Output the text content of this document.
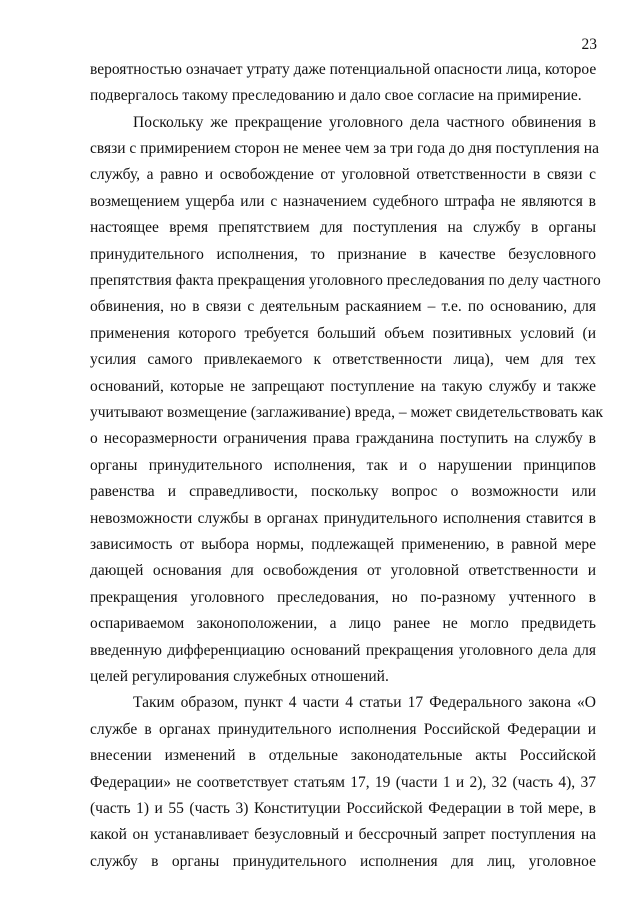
23
вероятностью означает утрату даже потенциальной опасности лица, которое
подвергалось такому преследованию и дало свое согласие на примирение.
Поскольку же прекращение уголовного дела частного обвинения в
связи с примирением сторон не менее чем за три года до дня поступления на
службу, а равно и освобождение от уголовной ответственности в связи с
возмещением ущерба или с назначением судебного штрафа не являются в
настоящее время препятствием для поступления на службу в органы
принудительного исполнения, то признание в качестве безусловного
препятствия факта прекращения уголовного преследования по делу частного
обвинения, но в связи с деятельным раскаянием – т.е. по основанию, для
применения которого требуется больший объем позитивных условий (и
усилия самого привлекаемого к ответственности лица), чем для тех
оснований, которые не запрещают поступление на такую службу и также
учитывают возмещение (заглаживание) вреда, – может свидетельствовать как
о несоразмерности ограничения права гражданина поступить на службу в
органы принудительного исполнения, так и о нарушении принципов
равенства и справедливости, поскольку вопрос о возможности или
невозможности службы в органах принудительного исполнения ставится в
зависимость от выбора нормы, подлежащей применению, в равной мере
дающей основания для освобождения от уголовной ответственности и
прекращения уголовного преследования, но по-разному учтенного в
оспариваемом законоположении, а лицо ранее не могло предвидеть
введенную дифференциацию оснований прекращения уголовного дела для
целей регулирования служебных отношений.
Таким образом, пункт 4 части 4 статьи 17 Федерального закона «О
службе в органах принудительного исполнения Российской Федерации и
внесении изменений в отдельные законодательные акты Российской
Федерации» не соответствует статьям 17, 19 (части 1 и 2), 32 (часть 4), 37
(часть 1) и 55 (часть 3) Конституции Российской Федерации в той мере, в
какой он устанавливает безусловный и бессрочный запрет поступления на
службу в органы принудительного исполнения для лиц, уголовное
